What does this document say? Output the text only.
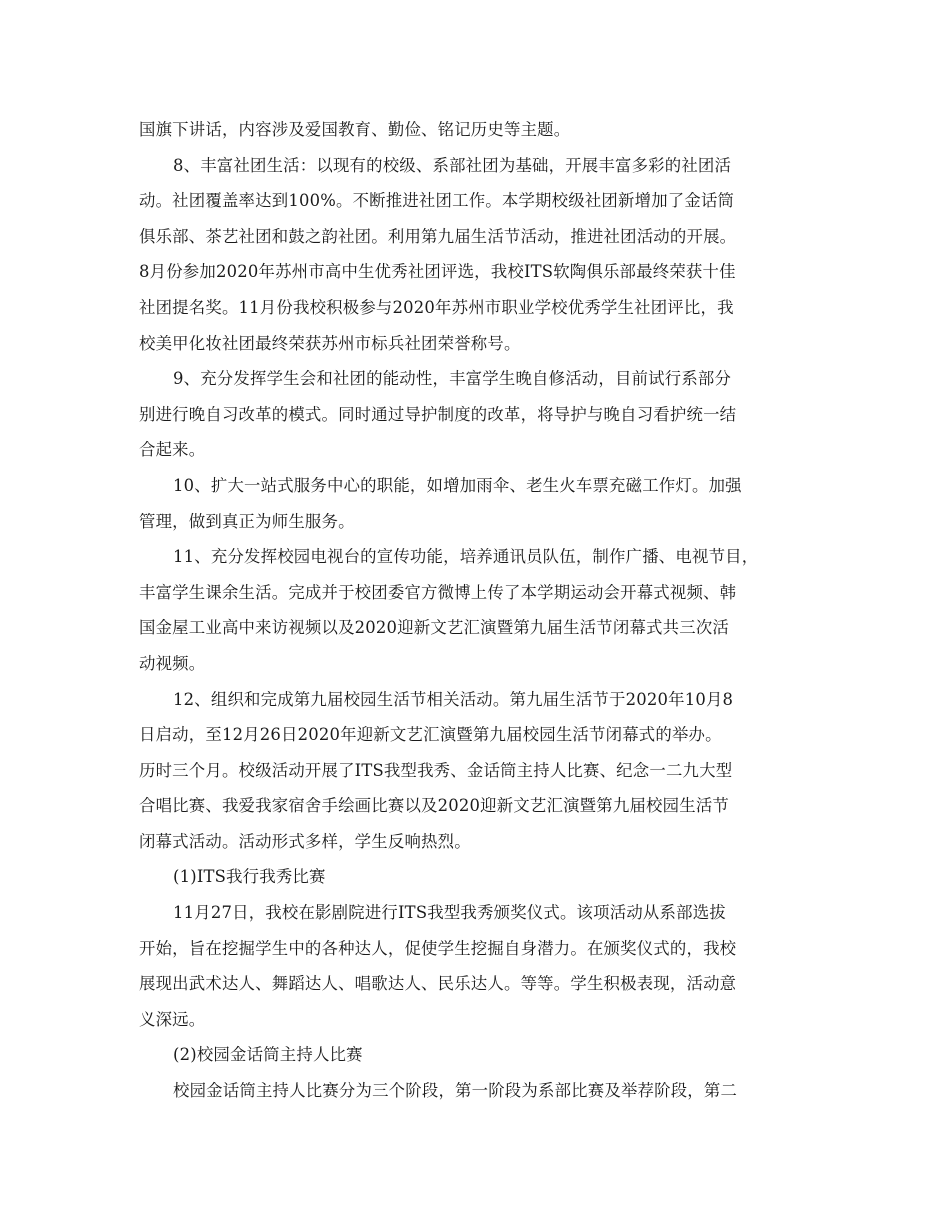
国旗下讲话，内容涉及爱国教育、勤俭、铭记历史等主题。
8、丰富社团生活：以现有的校级、系部社团为基础，开展丰富多彩的社团活
动。社团覆盖率达到100%。不断推进社团工作。本学期校级社团新增加了金话筒
俱乐部、茶艺社团和鼓之韵社团。利用第九届生活节活动，推进社团活动的开展。
8月份参加2020年苏州市高中生优秀社团评选，我校ITS软陶俱乐部最终荣获十佳
社团提名奖。11月份我校积极参与2020年苏州市职业学校优秀学生社团评比，我
校美甲化妆社团最终荣获苏州市标兵社团荣誉称号。
9、充分发挥学生会和社团的能动性，丰富学生晚自修活动，目前试行系部分
别进行晚自习改革的模式。同时通过导护制度的改革，将导护与晚自习看护统一结
合起来。
10、扩大一站式服务中心的职能，如增加雨伞、老生火车票充磁工作灯。加强
管理，做到真正为师生服务。
11、充分发挥校园电视台的宣传功能，培养通讯员队伍，制作广播、电视节目，
丰富学生课余生活。完成并于校团委官方微博上传了本学期运动会开幕式视频、韩
国金屋工业高中来访视频以及2020迎新文艺汇演暨第九届生活节闭幕式共三次活
动视频。
12、组织和完成第九届校园生活节相关活动。第九届生活节于2020年10月8
日启动，至12月26日2020年迎新文艺汇演暨第九届校园生活节闭幕式的举办。
历时三个月。校级活动开展了ITS我型我秀、金话筒主持人比赛、纪念一二九大型
合唱比赛、我爱我家宿舍手绘画比赛以及2020迎新文艺汇演暨第九届校园生活节
闭幕式活动。活动形式多样，学生反响热烈。
(1)ITS我行我秀比赛
11月27日，我校在影剧院进行ITS我型我秀颁奖仪式。该项活动从系部选拔
开始，旨在挖掘学生中的各种达人，促使学生挖掘自身潜力。在颁奖仪式的，我校
展现出武术达人、舞蹈达人、唱歌达人、民乐达人。等等。学生积极表现，活动意
义深远。
(2)校园金话筒主持人比赛
校园金话筒主持人比赛分为三个阶段，第一阶段为系部比赛及举荐阶段，第二
